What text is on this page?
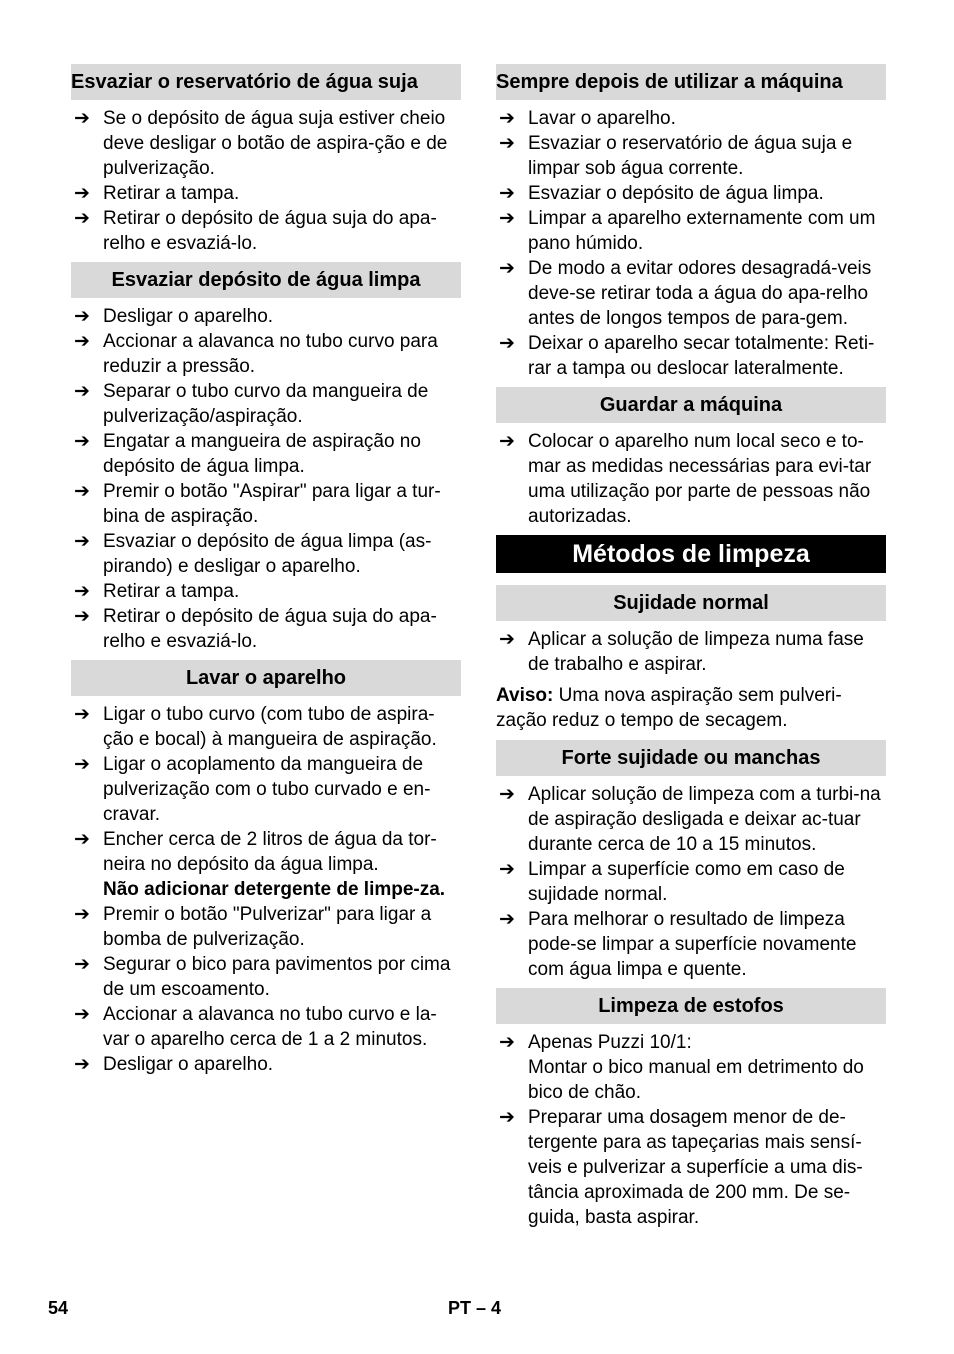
Esvaziar o reservatório de água suja
➔ Se o depósito de água suja estiver cheio deve desligar o botão de aspira-ção e de pulverização.
➔ Retirar a tampa.
➔ Retirar o depósito de água suja do apa-relho e esvaziá-lo.
Esvaziar depósito de água limpa
➔ Desligar o aparelho.
➔ Accionar a alavanca no tubo curvo para reduzir a pressão.
➔ Separar o tubo curvo da mangueira de pulverização/aspiração.
➔ Engatar a mangueira de aspiração no depósito de água limpa.
➔ Premir o botão "Aspirar" para ligar a tur-bina de aspiração.
➔ Esvaziar o depósito de água limpa (as-pirando) e desligar o aparelho.
➔ Retirar a tampa.
➔ Retirar o depósito de água suja do apa-relho e esvaziá-lo.
Lavar o aparelho
➔ Ligar o tubo curvo (com tubo de aspira-ção e bocal) à mangueira de aspiração.
➔ Ligar o acoplamento da mangueira de pulverização com o tubo curvado e en-cravar.
➔ Encher cerca de 2 litros de água da tor-neira no depósito da água limpa.
Não adicionar detergente de limpe-za.
➔ Premir o botão "Pulverizar" para ligar a bomba de pulverização.
➔ Segurar o bico para pavimentos por cima de um escoamento.
➔ Accionar a alavanca no tubo curvo e la-var o aparelho cerca de 1 a 2 minutos.
➔ Desligar o aparelho.
Sempre depois de utilizar a máquina
➔ Lavar o aparelho.
➔ Esvaziar o reservatório de água suja e limpar sob água corrente.
➔ Esvaziar o depósito de água limpa.
➔ Limpar a aparelho externamente com um pano húmido.
➔ De modo a evitar odores desagradá-veis deve-se retirar toda a água do apa-relho antes de longos tempos de para-gem.
➔ Deixar o aparelho secar totalmente: Reti-rar a tampa ou deslocar lateralmente.
Guardar a máquina
➔ Colocar o aparelho num local seco e to-mar as medidas necessárias para evi-tar uma utilização por parte de pessoas não autorizadas.
Métodos de limpeza
Sujidade normal
➔ Aplicar a solução de limpeza numa fase de trabalho e aspirar.

Aviso: Uma nova aspiração sem pulveri-zação reduz o tempo de secagem.

Forte sujidade ou manchas
➔ Aplicar solução de limpeza com a turbi-na de aspiração desligada e deixar ac-tuar durante cerca de 10 a 15 minutos.
➔ Limpar a superfície como em caso de sujidade normal.
➔ Para melhorar o resultado de limpeza pode-se limpar a superfície novamente com água limpa e quente.
Limpeza de estofos
➔ Apenas Puzzi 10/1:
Montar o bico manual em detrimento do bico de chão.
➔ Preparar uma dosagem menor de de-tergente para as tapeçarias mais sensí-veis e pulverizar a superfície a uma dis-tância aproximada de 200 mm. De se-guida, basta aspirar.
54	PT – 4
